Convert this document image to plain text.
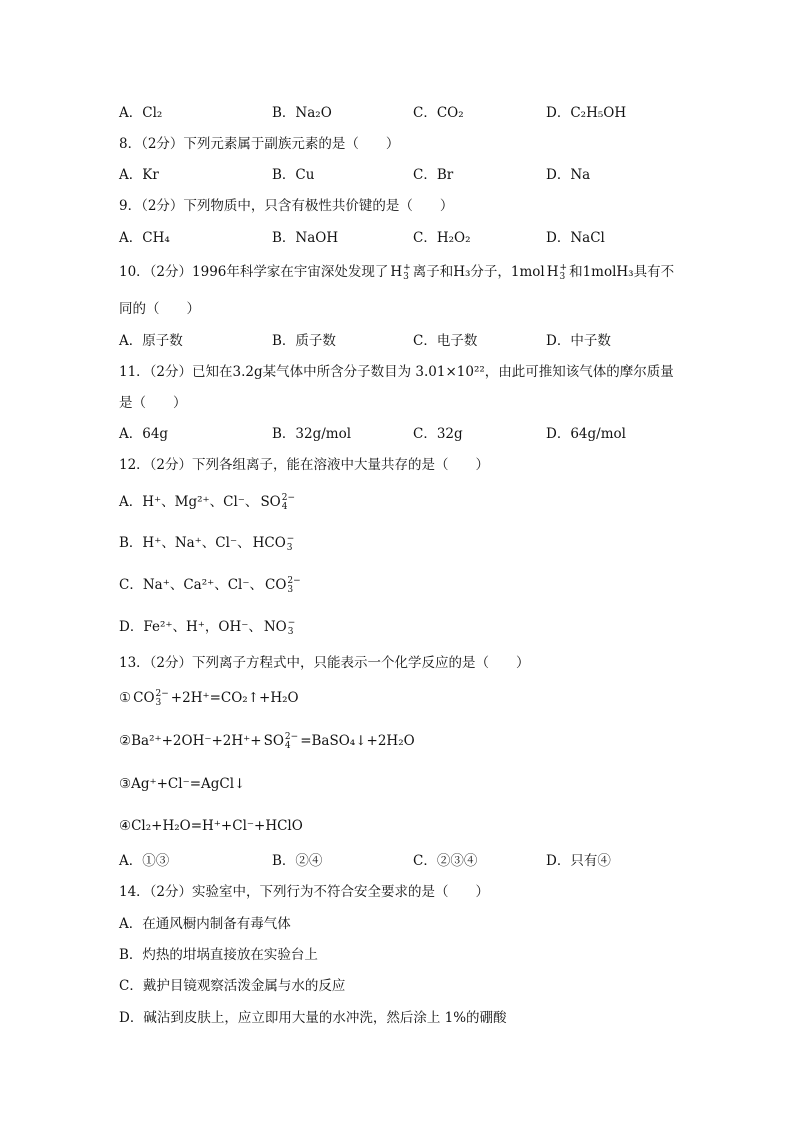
A．Cl₂	B．Na₂O	C．CO₂	D．C₂H₅OH
8．（2分）下列元素属于副族元素的是（　　）
A．Kr	B．Cu	C．Br	D．Na
9．（2分）下列物质中，只含有极性共价键的是（　　）
A．CH₄	B．NaOH	C．H₂O₂	D．NaCl
10．（2分）1996年科学家在宇宙深处发现了 H +
3 离子和H₃分子，1mol H +
3 和1molH₃具有不
同的（　　）
A．原子数	B．质子数	C．电子数	D．中子数
11．（2分）已知在3.2g某气体中所含分子数目为 3.01×10²²，由此可推知该气体的摩尔质量
是（　　）
A．64g	B．32g/mol	C．32g	D．64g/mol
12．（2分）下列各组离子，能在溶液中大量共存的是（　　）
A．H⁺、Mg²⁺、Cl⁻、 SO 2−
4
B．H⁺、Na⁺、Cl⁻、 HCO −
3
C．Na⁺、Ca²⁺、Cl⁻、 CO 2−
3
D．Fe²⁺、H⁺，OH⁻、 NO −
3
13．（2分）下列离子方程式中，只能表示一个化学反应的是（　　）
① CO 2−
3 +2H⁺=CO₂↑+H₂O
②Ba²⁺+2OH⁻+2H⁺+ SO 2−
4 =BaSO₄↓+2H₂O
③Ag⁺+Cl⁻=AgCl↓
④Cl₂+H₂O=H⁺+Cl⁻+HClO
A．①③	B．②④	C．②③④	D．只有④
14．（2分）实验室中，下列行为不符合安全要求的是（　　）
A．在通风橱内制备有毒气体
B．灼热的坩埚直接放在实验台上
C．戴护目镜观察活泼金属与水的反应
D．碱沾到皮肤上，应立即用大量的水冲洗，然后涂上 1%的硼酸
